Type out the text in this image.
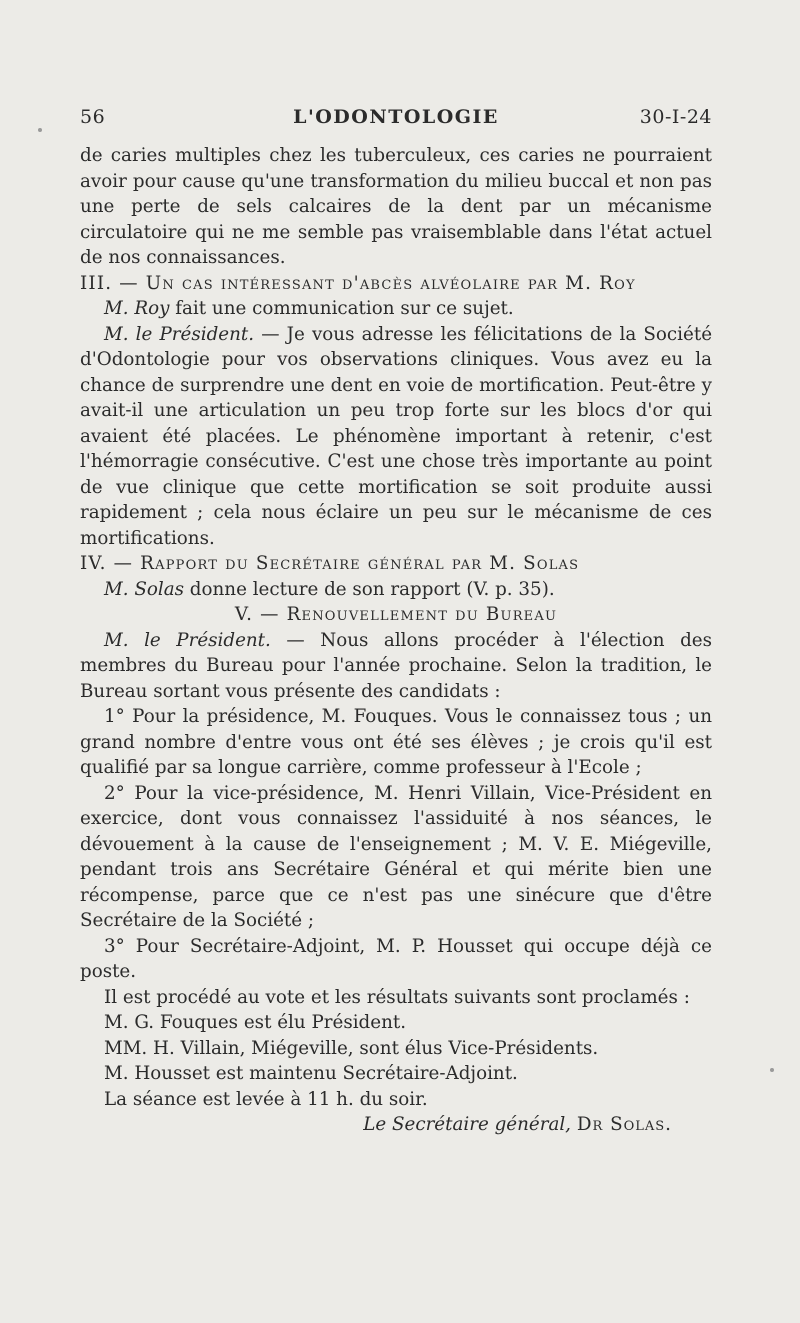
56	L'ODONTOLOGIE	30-I-24

de caries multiples chez les tuberculeux, ces caries ne pourraient avoir pour cause qu'une transformation du milieu buccal et non pas une perte de sels calcaires de la dent par un mécanisme circulatoire qui ne me semble pas vraisemblable dans l'état actuel de nos connaissances.

III. — Un cas intéressant d'abcès alvéolaire par M. Roy

M. Roy fait une communication sur ce sujet.

M. le Président. — Je vous adresse les félicitations de la Société d'Odontologie pour vos observations cliniques. Vous avez eu la chance de surprendre une dent en voie de mortification. Peut-être y avait-il une articulation un peu trop forte sur les blocs d'or qui avaient été placées. Le phénomène important à retenir, c'est l'hémorragie consécutive. C'est une chose très importante au point de vue clinique que cette mortification se soit produite aussi rapidement ; cela nous éclaire un peu sur le mécanisme de ces mortifications.

IV. — Rapport du Secrétaire général par M. Solas

M. Solas donne lecture de son rapport (V. p. 35).

V. — Renouvellement du Bureau

M. le Président. — Nous allons procéder à l'élection des membres du Bureau pour l'année prochaine. Selon la tradition, le Bureau sortant vous présente des candidats :

1° Pour la présidence, M. Fouques. Vous le connaissez tous ; un grand nombre d'entre vous ont été ses élèves ; je crois qu'il est qualifié par sa longue carrière, comme professeur à l'Ecole ;

2° Pour la vice-présidence, M. Henri Villain, Vice-Président en exercice, dont vous connaissez l'assiduité à nos séances, le dévouement à la cause de l'enseignement ; M. V. E. Miégeville, pendant trois ans Secrétaire Général et qui mérite bien une récompense, parce que ce n'est pas une sinécure que d'être Secrétaire de la Société ;

3° Pour Secrétaire-Adjoint, M. P. Housset qui occupe déjà ce poste.

Il est procédé au vote et les résultats suivants sont proclamés :

M. G. Fouques est élu Président.

MM. H. Villain, Miégeville, sont élus Vice-Présidents.

M. Housset est maintenu Secrétaire-Adjoint.

La séance est levée à 11 h. du soir.

Le Secrétaire général, Dr Solas.
